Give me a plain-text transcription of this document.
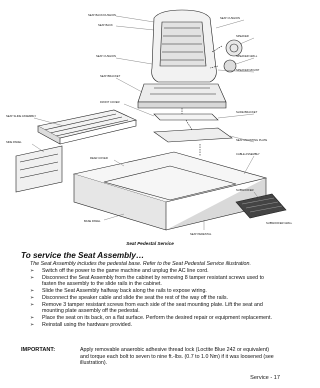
SEAT BACK/CUSHION
SEAT BACK
SEAT CUSHION
SPEAKER
SPEAKER GRILL
SPEAKER MOUNT
SEAT CUSHION
SEAT BRACKET
FRONT COVER
SLIDE BRACKET
SEAT SLIDE ASSEMBLY
SIDE PANEL
SEAT MOUNTING PLATE
CABLE ASSEMBLY
REAR COVER
BASE PANEL
SUBWOOFER
SEAT PEDESTAL
SUBWOOFER GRILL
Seat Pedestal Service
To service the Seat Assembly…
The Seat Assembly includes the pedestal base. Refer to the Seat Pedestal Service illustration.
➢ Switch off the power to the game machine and unplug the AC line cord.
➢ Disconnect the Seat Assembly from the cabinet by removing 8 tamper resistant screws used to fasten the assembly to the slide rails in the cabinet.
➢ Slide the Seat Assembly halfway back along the rails to expose wiring.
➢ Disconnect the speaker cable and slide the seat the rest of the way off the rails.
➢ Remove 3 tamper resistant screws from each side of the seat mounting plate. Lift the seat and mounting plate assembly off the pedestal.
➢ Place the seat on its back, on a flat surface. Perform the desired repair or equipment replacement.
➢ Reinstall using the hardware provided.
IMPORTANT:	Apply removable anaerobic adhesive thread lock (Loctite Blue 242 or equivalent) and torque each bolt to seven to nine ft.-lbs. (0.7 to 1.0 Nm) if it was loosened (see illustration).
Service - 17
